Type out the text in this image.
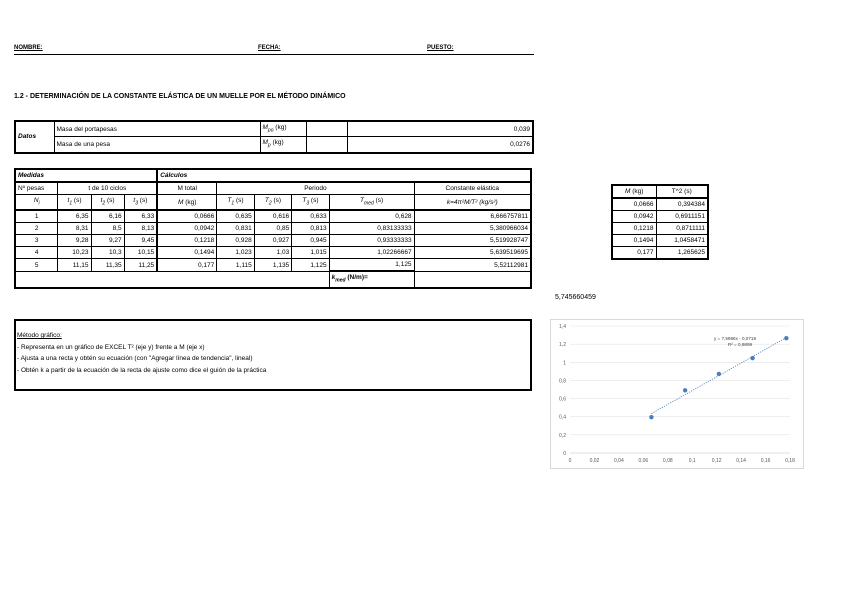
NOMBRE:	FECHA:	PUESTO:
1.2 - DETERMINACIÓN DE LA CONSTANTE ELÁSTICA DE UN MUELLE POR EL MÉTODO DINÁMICO
Datos	Masa del portapesas	$M_{po}$ (kg)		0,039
	Masa de una pesa	$M_p$ (kg)		0,0276
Medidas				Cálculos					
Nº pesas	t de 10 ciclos			M total	Periodo				Constante elástica
$N_i$	$t_1$ (s)	$t_2$ (s)	$t_3$ (s)	M (kg)	$T_1$ (s)	$T_2$ (s)	$T_3$ (s)	$T_{med}$ (s)	k=4π²M/T² (kg/s²)
1	6,35	6,16	6,33	0,0666	0,635	0,616	0,633	0,628	6,666757811
2	8,31	8,5	8,13	0,0942	0,831	0,85	0,813	0,83133333	5,380966034
3	9,28	9,27	9,45	0,1218	0,928	0,927	0,945	0,93333333	5,519928747
4	10,23	10,3	10,15	0,1494	1,023	1,03	1,015	1,02266667	5,639519695
5	11,15	11,35	11,25	0,177	1,115	1,135	1,125	1,125	5,52112981
								$k_{med}$ (N/m)=	
5,745660459
M (kg)	T^2 (s)
0,0666	0,394384
0,0942	0,6911151
0,1218	0,8711111
0,1494	1,0458471
0,177	1,265625
Método gráfico:
- Representa en un gráfico de EXCEL T² (eje y) frente a M (eje x)
- Ajusta a una recta y obtén su ecuación (con "Agregar línea de tendencia", lineal)
- Obtén k a partir de la ecuación de la recta de ajuste como dice el guión de la práctica
0
0,2
0,4
0,6
0,8
1
1,2
1,4
0	0,02	0,04	0,06	0,08	0,1	0,12	0,14	0,16	0,18
y = 7,5986x - 0,0719
R² = 0,9899
